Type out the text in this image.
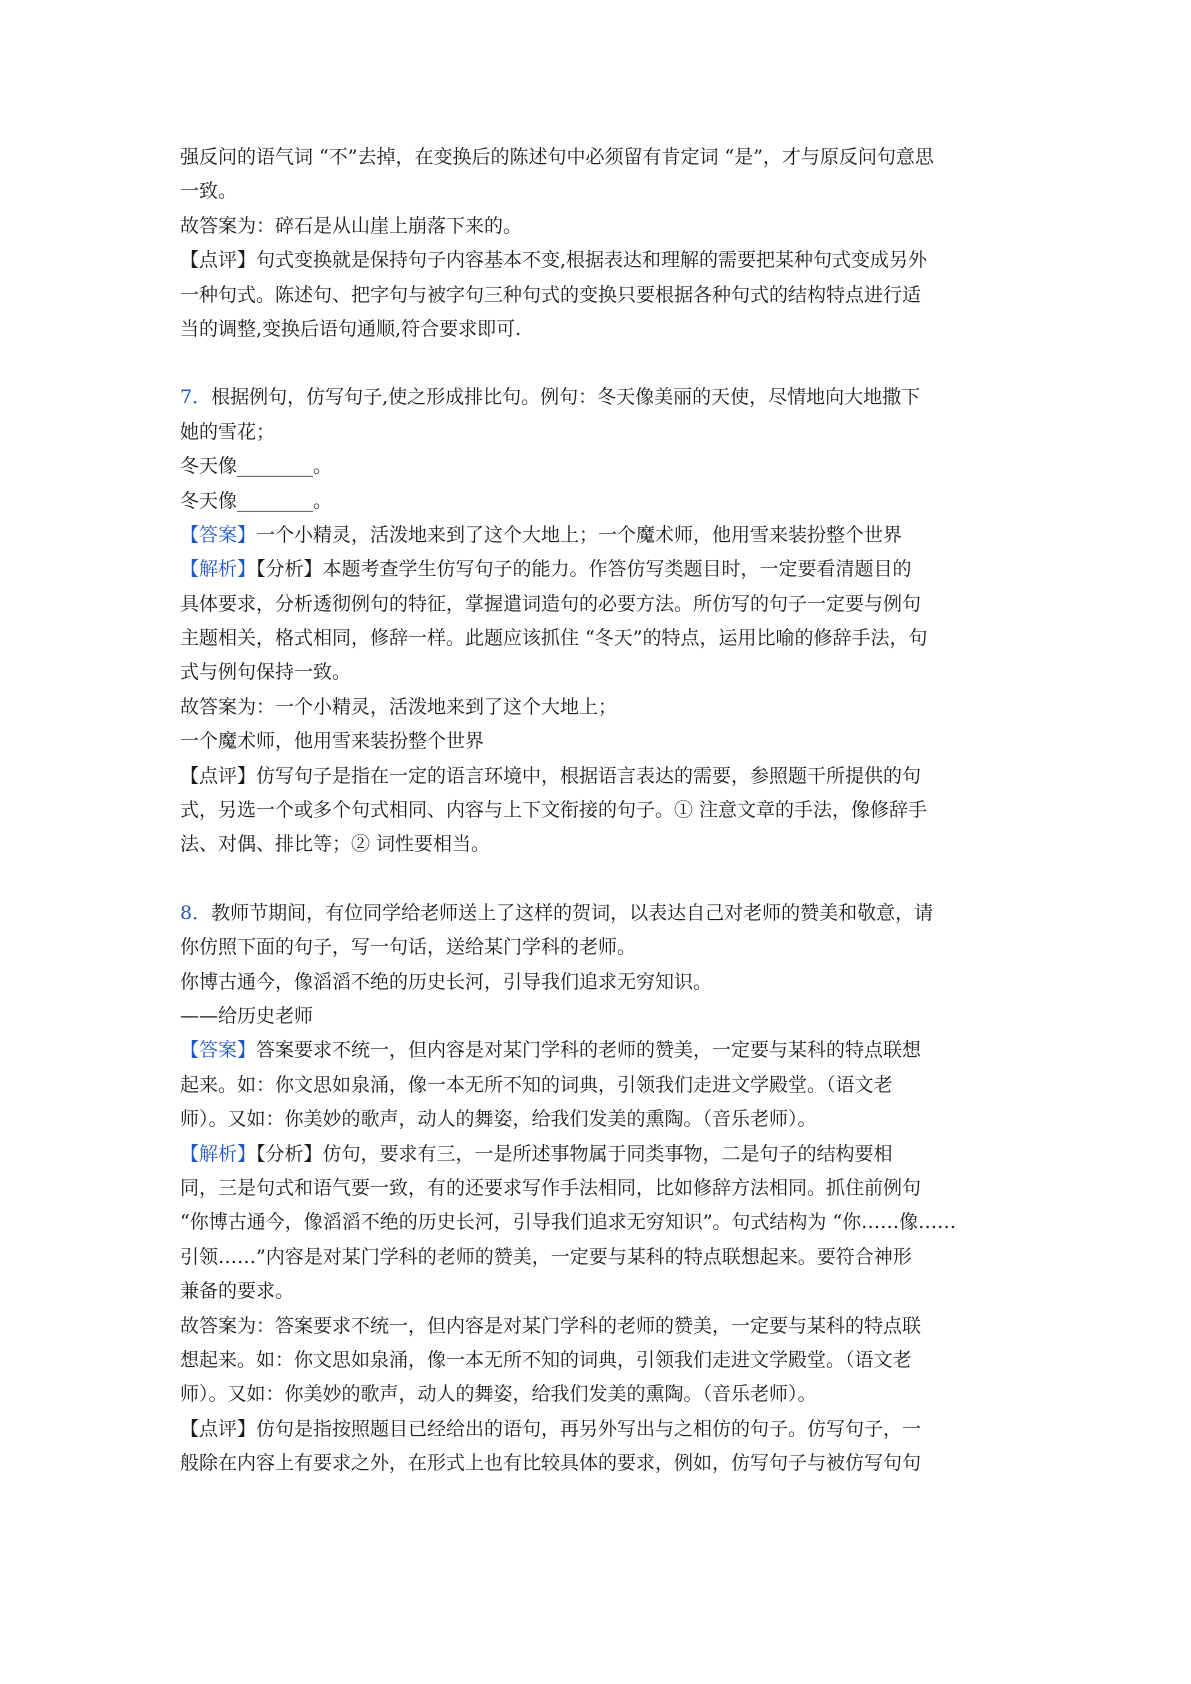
强反问的语气词 “不”去掉，在变换后的陈述句中必须留有肯定词 “是”，才与原反问句意思
一致。
故答案为：碎石是从山崖上崩落下来的。
【点评】句式变换就是保持句子内容基本不变,根据表达和理解的需要把某种句式变成另外
一种句式。陈述句、把字句与被字句三种句式的变换只要根据各种句式的结构特点进行适
当的调整,变换后语句通顺,符合要求即可.
7．根据例句，仿写句子,使之形成排比句。例句：冬天像美丽的天使，尽情地向大地撒下
她的雪花；
冬天像________。
冬天像________。
【答案】一个小精灵，活泼地来到了这个大地上；一个魔术师，他用雪来装扮整个世界
【解析】【分析】本题考查学生仿写句子的能力。作答仿写类题目时，一定要看清题目的
具体要求，分析透彻例句的特征，掌握遣词造句的必要方法。所仿写的句子一定要与例句
主题相关，格式相同，修辞一样。此题应该抓住 “冬天”的特点，运用比喻的修辞手法，句
式与例句保持一致。
故答案为：一个小精灵，活泼地来到了这个大地上；
一个魔术师，他用雪来装扮整个世界
【点评】仿写句子是指在一定的语言环境中，根据语言表达的需要，参照题干所提供的句
式，另选一个或多个句式相同、内容与上下文衔接的句子。① 注意文章的手法，像修辞手
法、对偶、排比等；② 词性要相当。
8．教师节期间，有位同学给老师送上了这样的贺词，以表达自己对老师的赞美和敬意，请
你仿照下面的句子，写一句话，送给某门学科的老师。
你博古通今，像滔滔不绝的历史长河，引导我们追求无穷知识。
——给历史老师
【答案】答案要求不统一，但内容是对某门学科的老师的赞美，一定要与某科的特点联想
起来。如：你文思如泉涌，像一本无所不知的词典，引领我们走进文学殿堂。（语文老
师）。又如：你美妙的歌声，动人的舞姿，给我们发美的熏陶。（音乐老师）。
【解析】【分析】仿句，要求有三，一是所述事物属于同类事物，二是句子的结构要相
同，三是句式和语气要一致，有的还要求写作手法相同，比如修辞方法相同。抓住前例句
“你博古通今，像滔滔不绝的历史长河，引导我们追求无穷知识”。句式结构为 “你……像……
引领……”内容是对某门学科的老师的赞美，一定要与某科的特点联想起来。要符合神形
兼备的要求。
故答案为：答案要求不统一，但内容是对某门学科的老师的赞美，一定要与某科的特点联
想起来。如：你文思如泉涌，像一本无所不知的词典，引领我们走进文学殿堂。（语文老
师）。又如：你美妙的歌声，动人的舞姿，给我们发美的熏陶。（音乐老师）。
【点评】仿句是指按照题目已经给出的语句，再另外写出与之相仿的句子。仿写句子，一
般除在内容上有要求之外，在形式上也有比较具体的要求，例如，仿写句子与被仿写句句
